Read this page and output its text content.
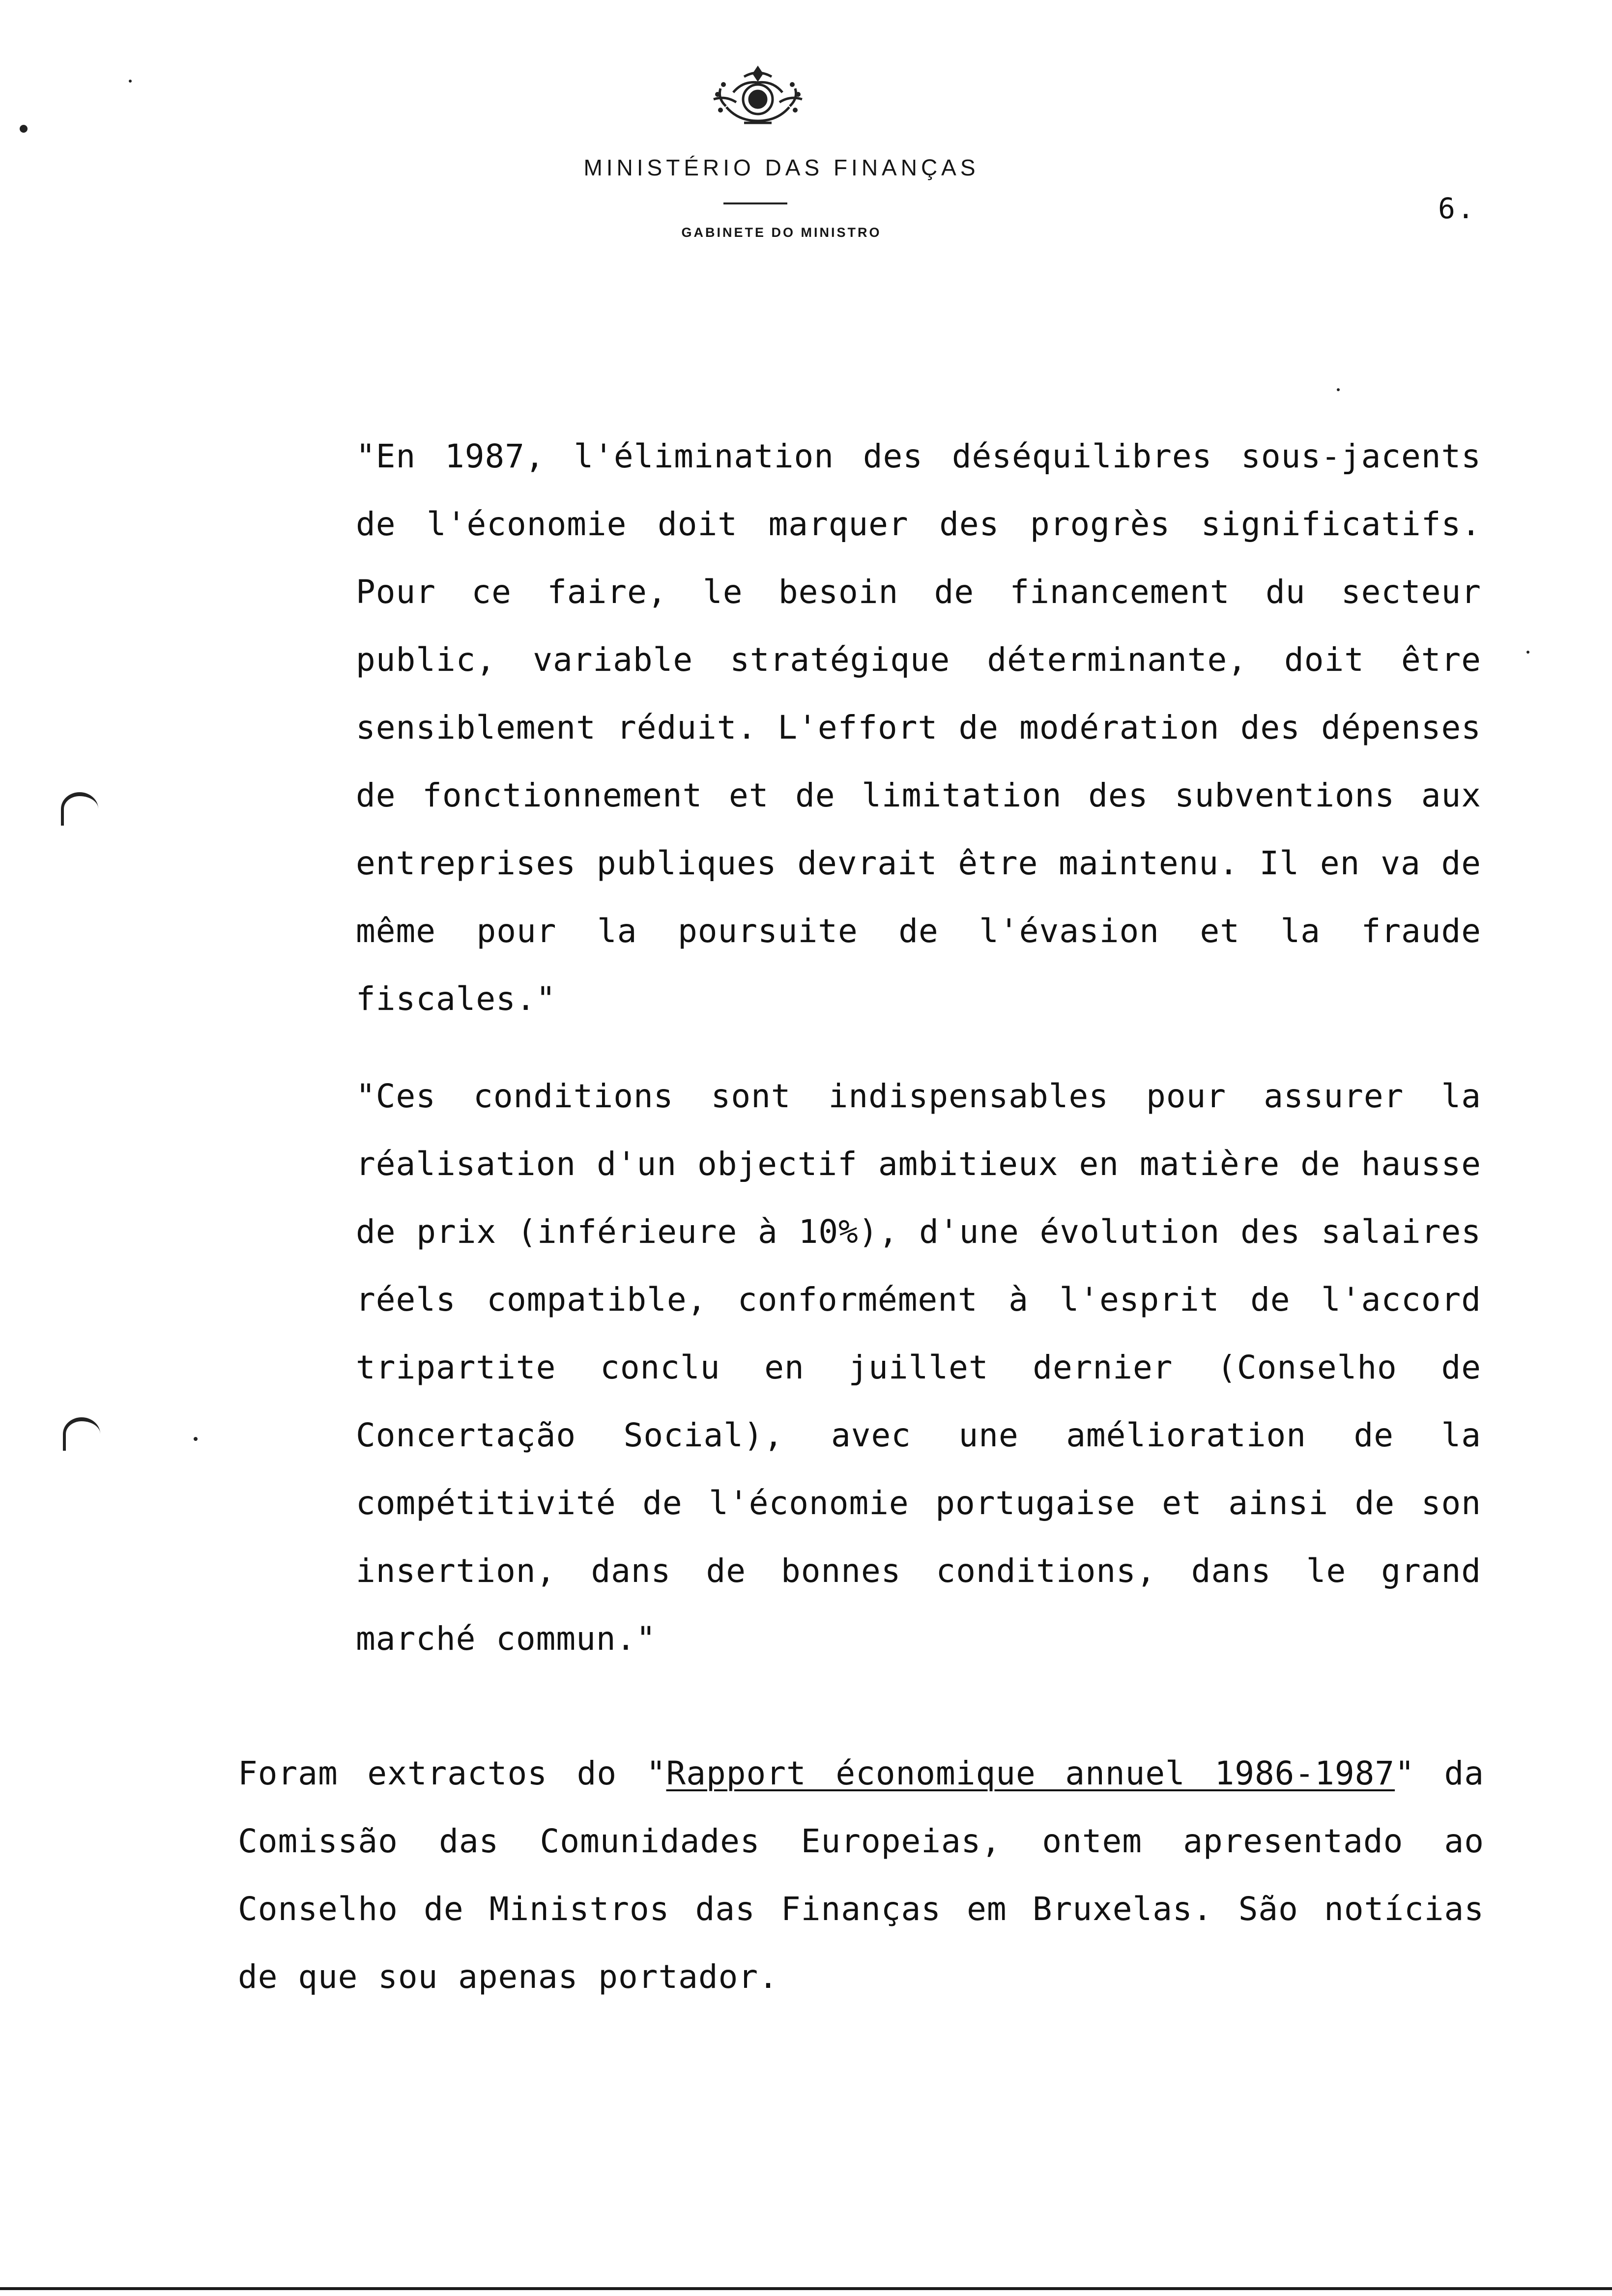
MINISTÉRIO DAS FINANÇAS
GABINETE DO MINISTRO
6.
"En 1987, l'élimination des déséquilibres sous-jacents de l'économie doit marquer des progrès significatifs. Pour ce faire, le besoin de financement du secteur public, variable stratégique déterminante, doit être sensiblement réduit. L'effort de modération des dépenses de fonctionnement et de limitation des subventions aux entreprises publiques devrait être maintenu. Il en va de même pour la poursuite de l'évasion et la fraude fiscales."
"Ces conditions sont indispensables pour assurer la réalisation d'un objectif ambitieux en matière de hausse de prix (inférieure à 10%), d'une évolution des salaires réels compatible, conformément à l'esprit de l'accord tripartite conclu en juillet dernier (Conselho de Concertação Social), avec une amélioration de la compétitivité de l'économie portugaise et ainsi de son insertion, dans de bonnes conditions, dans le grand marché commun."
Foram extractos do "Rapport économique annuel 1986-1987" da Comissão das Comunidades Europeias, ontem apresentado ao Conselho de Ministros das Finanças em Bruxelas. São notícias de que sou apenas portador.
